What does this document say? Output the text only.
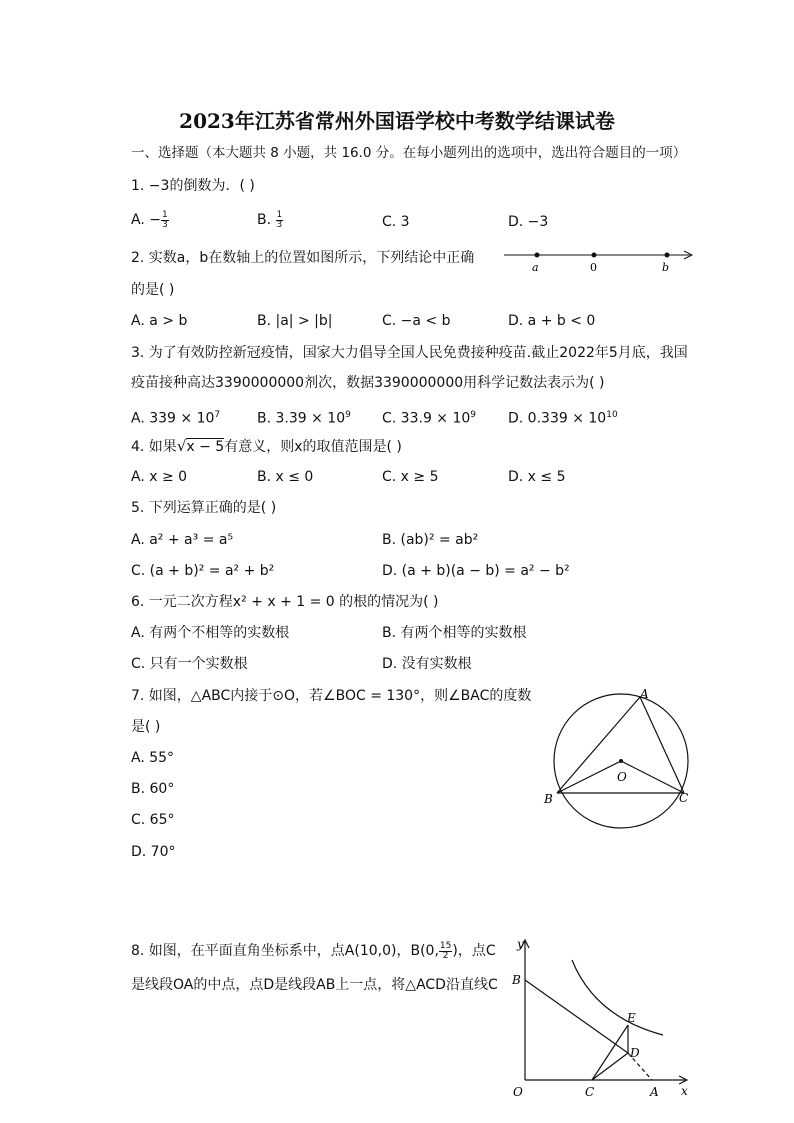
2023年江苏省常州外国语学校中考数学结课试卷
一、选择题（本大题共 8 小题，共 16.0 分。在每小题列出的选项中，选出符合题目的一项）
1. −3的倒数为．( )
A. − $\frac{1}{3}$	B. $\frac{1}{3}$	C. 3	D. −3
2. 实数a，b在数轴上的位置如图所示，下列结论中正确
的是( )
a	0	b
A. a > b	B. |a| > |b|	C. −a < b	D. a + b < 0
3. 为了有效防控新冠疫情，国家大力倡导全国人民免费接种疫苗.截止2022年5月底，我国
疫苗接种高达3390000000剂次，数据3390000000用科学记数法表示为( )
A. $339 \times 10^7$	B. $3.39 \times 10^9$ C. $33.9 \times 10^9$ D. $0.339 \times 10^{10}$
4. 如果√x − 5有意义，则x的取值范围是( )
A. x ≥ 0	B. x ≤ 0	C. x ≥ 5	D. x ≤ 5
5. 下列运算正确的是( )
A. a² + a³ = a⁵	B. (ab)² = ab²
C. (a + b)² = a² + b²	D. (a + b)(a − b) = a² − b²
6. 一元二次方程x² + x + 1 = 0 的根的情况为( )
A. 有两个不相等的实数根	B. 有两个相等的实数根
C. 只有一个实数根	D. 没有实数根
7. 如图，△ABC内接于⊙O，若∠BOC = 130°，则∠BAC的度数
是( )
A. 55°
B. 60°
C. 65°
D. 70°
A
B	C
O
8. 如图，在平面直角坐标系中，点A(10,0)，B(0, $\frac{15}{2}$ )，点C
是线段OA的中点，点D是线段AB上一点，将△ACD沿直线C
y
x
O
B
C	A
D
E
